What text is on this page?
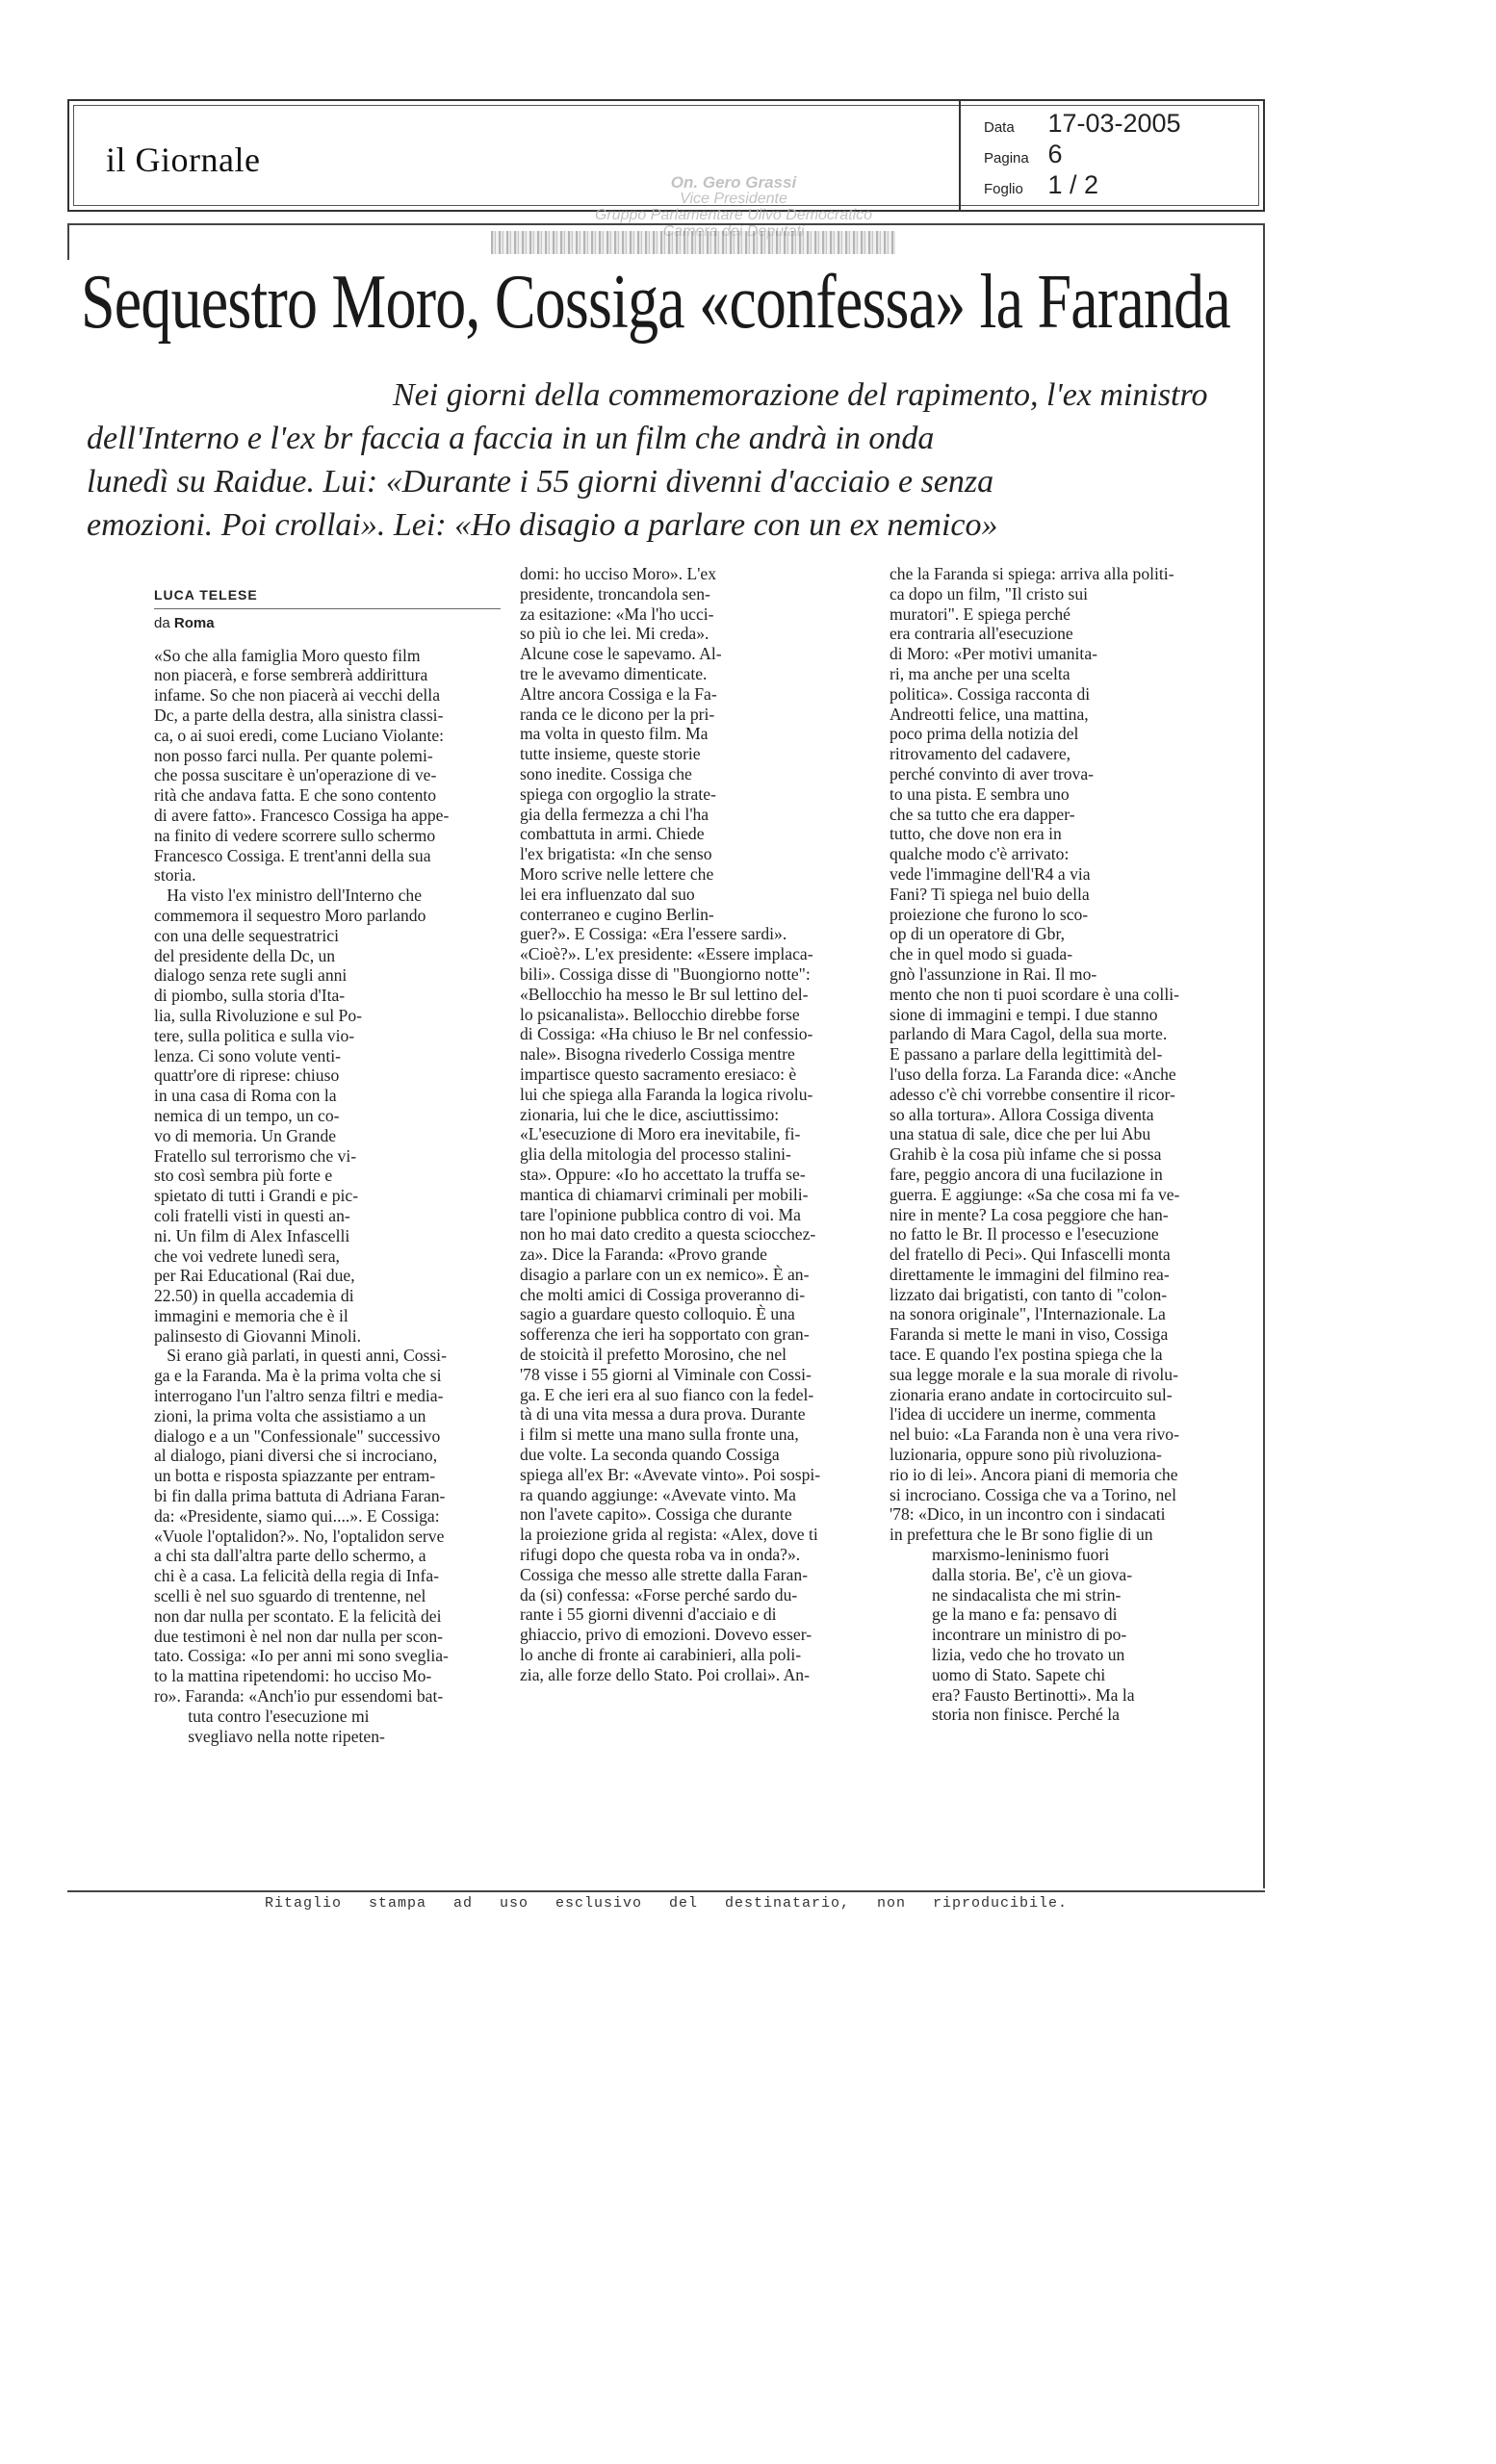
il Giornale
On. Gero Grassi
Vice Presidente
Gruppo Parlamentare Ulivo Democratico
Data 17-03-2005
Pagina 6
Foglio 1 / 2
Sequestro Moro, Cossiga «confessa» la Faranda
Nei giorni della commemorazione del rapimento, l'ex ministro
dell'Interno e l'ex br faccia a faccia in un film che andrà in onda
lunedì su Raidue. Lui: «Durante i 55 giorni divenni d'acciaio e senza
emozioni. Poi crollai». Lei: «Ho disagio a parlare con un ex nemico»
LUCA TELESE
da Roma
«So che alla famiglia Moro questo film
non piacerà, e forse sembrerà addirittura
infame. So che non piacerà ai vecchi della
Dc, a parte della destra, alla sinistra classi-
ca, o ai suoi eredi, come Luciano Violante:
non posso farci nulla. Per quante polemi-
che possa suscitare è un'operazione di ve-
rità che andava fatta. E che sono contento
di avere fatto». Francesco Cossiga ha appe-
na finito di vedere scorrere sullo schermo
Francesco Cossiga. E trent'anni della sua
storia.
Ha visto l'ex ministro dell'Interno che
commemora il sequestro Moro parlando
con una delle sequestratrici
del presidente della Dc, un
dialogo senza rete sugli anni
di piombo, sulla storia d'Ita-
lia, sulla Rivoluzione e sul Po-
tere, sulla politica e sulla vio-
lenza. Ci sono volute venti-
quattr'ore di riprese: chiuso
in una casa di Roma con la
nemica di un tempo, un co-
vo di memoria. Un Grande
Fratello sul terrorismo che vi-
sto così sembra più forte e
spietato di tutti i Grandi e pic-
coli fratelli visti in questi an-
ni. Un film di Alex Infascelli
che voi vedrete lunedì sera,
per Rai Educational (Rai due,
22.50) in quella accademia di
immagini e memoria che è il
palinsesto di Giovanni Minoli.
Si erano già parlati, in questi anni, Cossi-
ga e la Faranda. Ma è la prima volta che si
interrogano l'un l'altro senza filtri e media-
zioni, la prima volta che assistiamo a un
dialogo e a un "Confessionale" successivo
al dialogo, piani diversi che si incrociano,
un botta e risposta spiazzante per entram-
bi fin dalla prima battuta di Adriana Faran-
da: «Presidente, siamo qui....». E Cossiga:
«Vuole l'optalidon?». No, l'optalidon serve
a chi sta dall'altra parte dello schermo, a
chi è a casa. La felicità della regia di Infa-
scelli è nel suo sguardo di trentenne, nel
non dar nulla per scontato. E la felicità dei
due testimoni è nel non dar nulla per scon-
tato. Cossiga: «Io per anni mi sono sveglia-
to la mattina ripetendomi: ho ucciso Mo-
ro». Faranda: «Anch'io pur essendomi bat-
tuta contro l'esecuzione mi
svegliavo nella notte ripeten-
domi: ho ucciso Moro». L'ex
presidente, troncandola sen-
za esitazione: «Ma l'ho ucci-
so più io che lei. Mi creda».
Alcune cose le sapevamo. Al-
tre le avevamo dimenticate.
Altre ancora Cossiga e la Fa-
randa ce le dicono per la pri-
ma volta in questo film. Ma
tutte insieme, queste storie
sono inedite. Cossiga che
spiega con orgoglio la strate-
gia della fermezza a chi l'ha
combattuta in armi. Chiede
l'ex brigatista: «In che senso
Moro scrive nelle lettere che
lei era influenzato dal suo
conterraneo e cugino Berlin-
guer?». E Cossiga: «Era l'essere sardi».
«Cioè?». L'ex presidente: «Essere implaca-
bili». Cossiga disse di "Buongiorno notte":
«Bellocchio ha messo le Br sul lettino del-
lo psicanalista». Bellocchio direbbe forse
di Cossiga: «Ha chiuso le Br nel confessio-
nale». Bisogna rivederlo Cossiga mentre
impartisce questo sacramento eresiaco: è
lui che spiega alla Faranda la logica rivolu-
zionaria, lui che le dice, asciuttissimo:
«L'esecuzione di Moro era inevitabile, fi-
glia della mitologia del processo stalini-
sta». Oppure: «Io ho accettato la truffa se-
mantica di chiamarvi criminali per mobili-
tare l'opinione pubblica contro di voi. Ma
non ho mai dato credito a questa sciocchez-
za». Dice la Faranda: «Provo grande
disagio a parlare con un ex nemico». È an-
che molti amici di Cossiga proveranno di-
sagio a guardare questo colloquio. È una
sofferenza che ieri ha sopportato con gran-
de stoicità il prefetto Morosino, che nel
'78 visse i 55 giorni al Viminale con Cossi-
ga. E che ieri era al suo fianco con la fedel-
tà di una vita messa a dura prova. Durante
i film si mette una mano sulla fronte una,
due volte. La seconda quando Cossiga
spiega all'ex Br: «Avevate vinto». Poi sospi-
ra quando aggiunge: «Avevate vinto. Ma
non l'avete capito». Cossiga che durante
la proiezione grida al regista: «Alex, dove ti
rifugi dopo che questa roba va in onda?».
Cossiga che messo alle strette dalla Faran-
da (si) confessa: «Forse perché sardo du-
rante i 55 giorni divenni d'acciaio e di
ghiaccio, privo di emozioni. Dovevo esser-
lo anche di fronte ai carabinieri, alla poli-
zia, alle forze dello Stato. Poi crollai». An-
che la Faranda si spiega: arriva alla politi-
ca dopo un film, "Il cristo sui
muratori". E spiega perché
era contraria all'esecuzione
di Moro: «Per motivi umanita-
ri, ma anche per una scelta
politica». Cossiga racconta di
Andreotti felice, una mattina,
poco prima della notizia del
ritrovamento del cadavere,
perché convinto di aver trova-
to una pista. E sembra uno
che sa tutto che era dapper-
tutto, che dove non era in
qualche modo c'è arrivato:
vede l'immagine dell'R4 a via
Fani? Ti spiega nel buio della
proiezione che furono lo sco-
op di un operatore di Gbr,
che in quel modo si guada-
gnò l'assunzione in Rai. Il mo-
mento che non ti puoi scordare è una colli-
sione di immagini e tempi. I due stanno
parlando di Mara Cagol, della sua morte.
E passano a parlare della legittimità del-
l'uso della forza. La Faranda dice: «Anche
adesso c'è chi vorrebbe consentire il ricor-
so alla tortura». Allora Cossiga diventa
una statua di sale, dice che per lui Abu
Grahib è la cosa più infame che si possa
fare, peggio ancora di una fucilazione in
guerra. E aggiunge: «Sa che cosa mi fa ve-
nire in mente? La cosa peggiore che han-
no fatto le Br. Il processo e l'esecuzione
del fratello di Peci». Qui Infascelli monta
direttamente le immagini del filmino rea-
lizzato dai brigatisti, con tanto di "colon-
na sonora originale", l'Internazionale. La
Faranda si mette le mani in viso, Cossiga
tace. E quando l'ex postina spiega che la
sua legge morale e la sua morale di rivolu-
zionaria erano andate in cortocircuito sul-
l'idea di uccidere un inerme, commenta
nel buio: «La Faranda non è una vera rivo-
luzionaria, oppure sono più rivoluziona-
rio io di lei». Ancora piani di memoria che
si incrociano. Cossiga che va a Torino, nel
'78: «Dico, in un incontro con i sindacati
in prefettura che le Br sono figlie di un
marxismo-leninismo fuori
dalla storia. Be', c'è un giova-
ne sindacalista che mi strin-
ge la mano e fa: pensavo di
incontrare un ministro di po-
lizia, vedo che ho trovato un
uomo di Stato. Sapete chi
era? Fausto Bertinotti». Ma la
storia non finisce. Perché la
Ritaglio stampa ad uso esclusivo del destinatario, non riproducibile.
